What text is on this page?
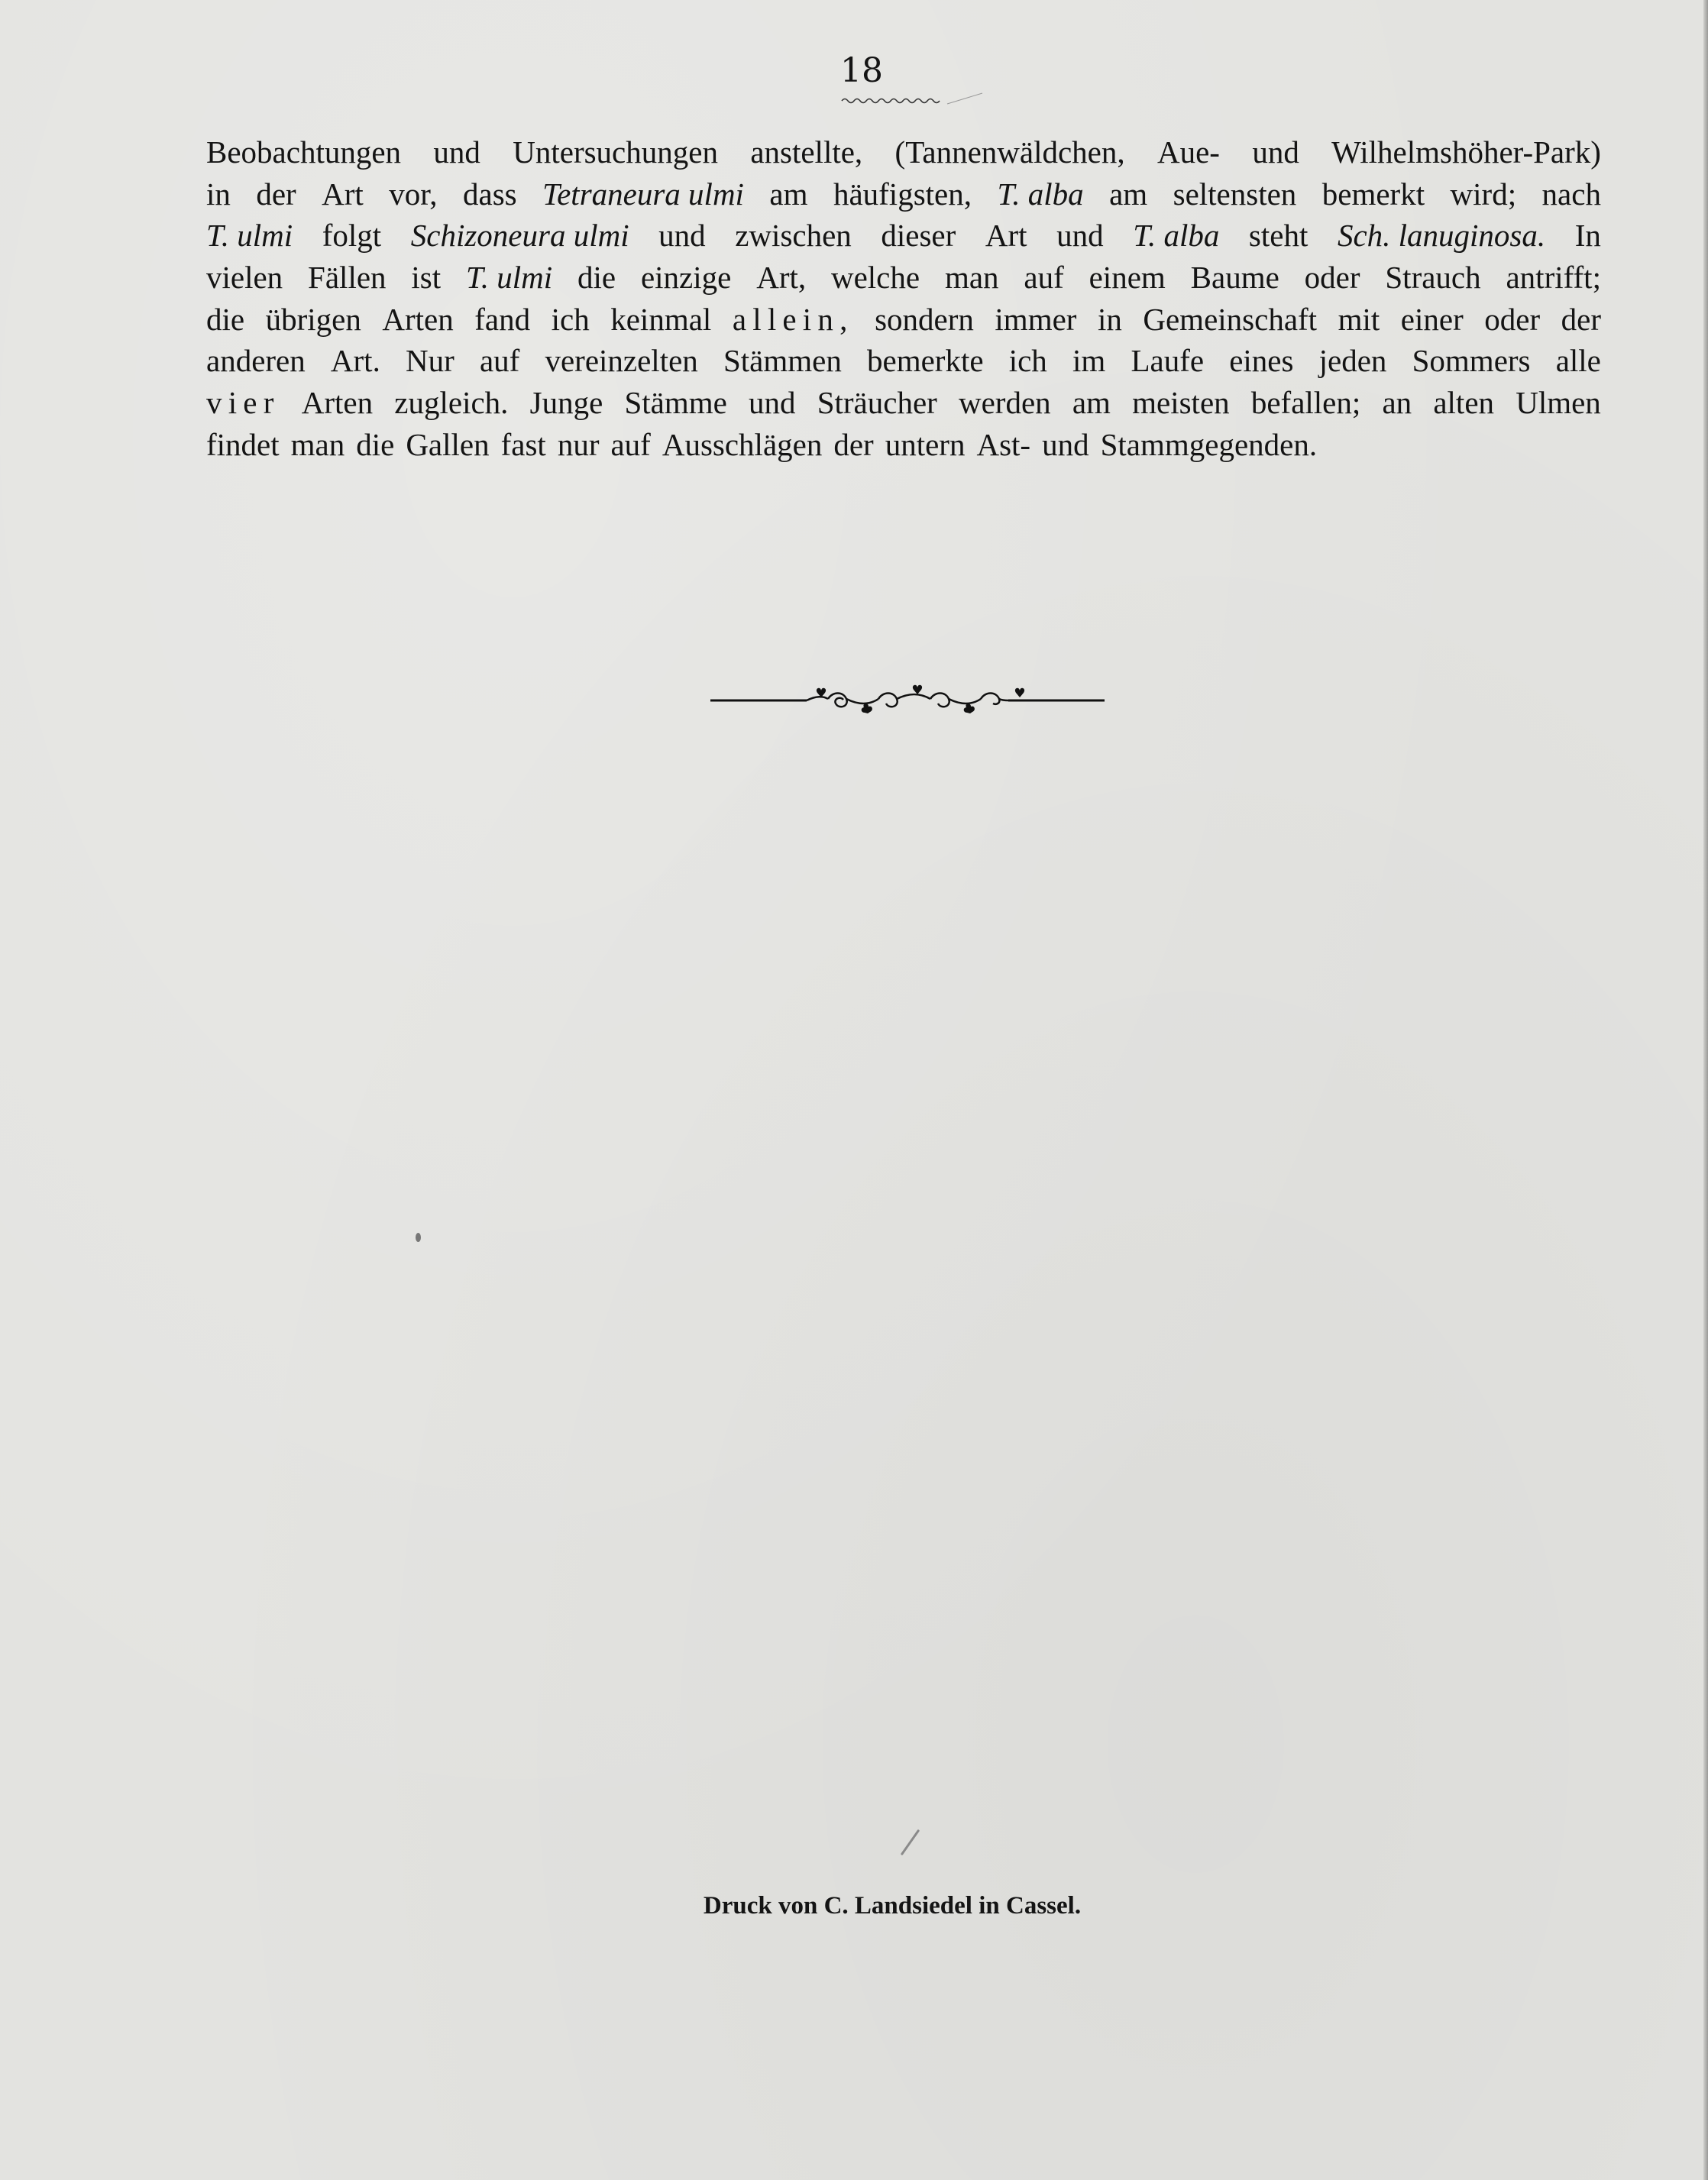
18
Beobachtungen und Untersuchungen anstellte, (Tannenwäldchen, Aue- und Wilhelmshöher-Park)
in der Art vor, dass Tetraneura ulmi am häufigsten, T. alba am seltensten bemerkt wird; nach
T. ulmi folgt Schizoneura ulmi und zwischen dieser Art und T. alba steht Sch. lanuginosa. In
vielen Fällen ist T. ulmi die einzige Art, welche man auf einem Baume oder Strauch antrifft;
die übrigen Arten fand ich keinmal allein, sondern immer in Gemeinschaft mit einer oder der
anderen Art. Nur auf vereinzelten Stämmen bemerkte ich im Laufe eines jeden Sommers alle
vier Arten zugleich. Junge Stämme und Sträucher werden am meisten befallen; an alten Ulmen
findet man die Gallen fast nur auf Ausschlägen der untern Ast- und Stammgegenden.
Druck von C. Landsiedel in Cassel.
